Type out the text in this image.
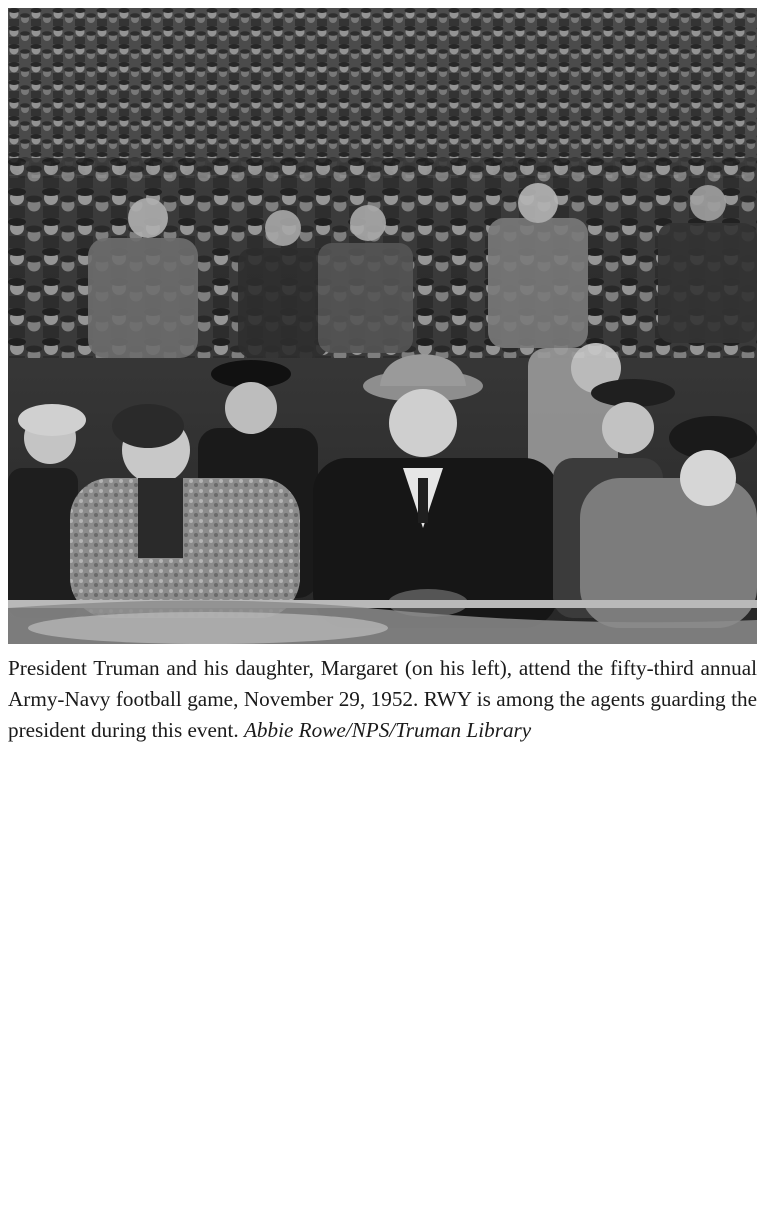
President Truman and his daughter, Margaret (on his left), attend the fifty-third annual Army-Navy football game, November 29, 1952. RWY is among the agents guarding the president during this event. Abbie Rowe/NPS/Truman Library
